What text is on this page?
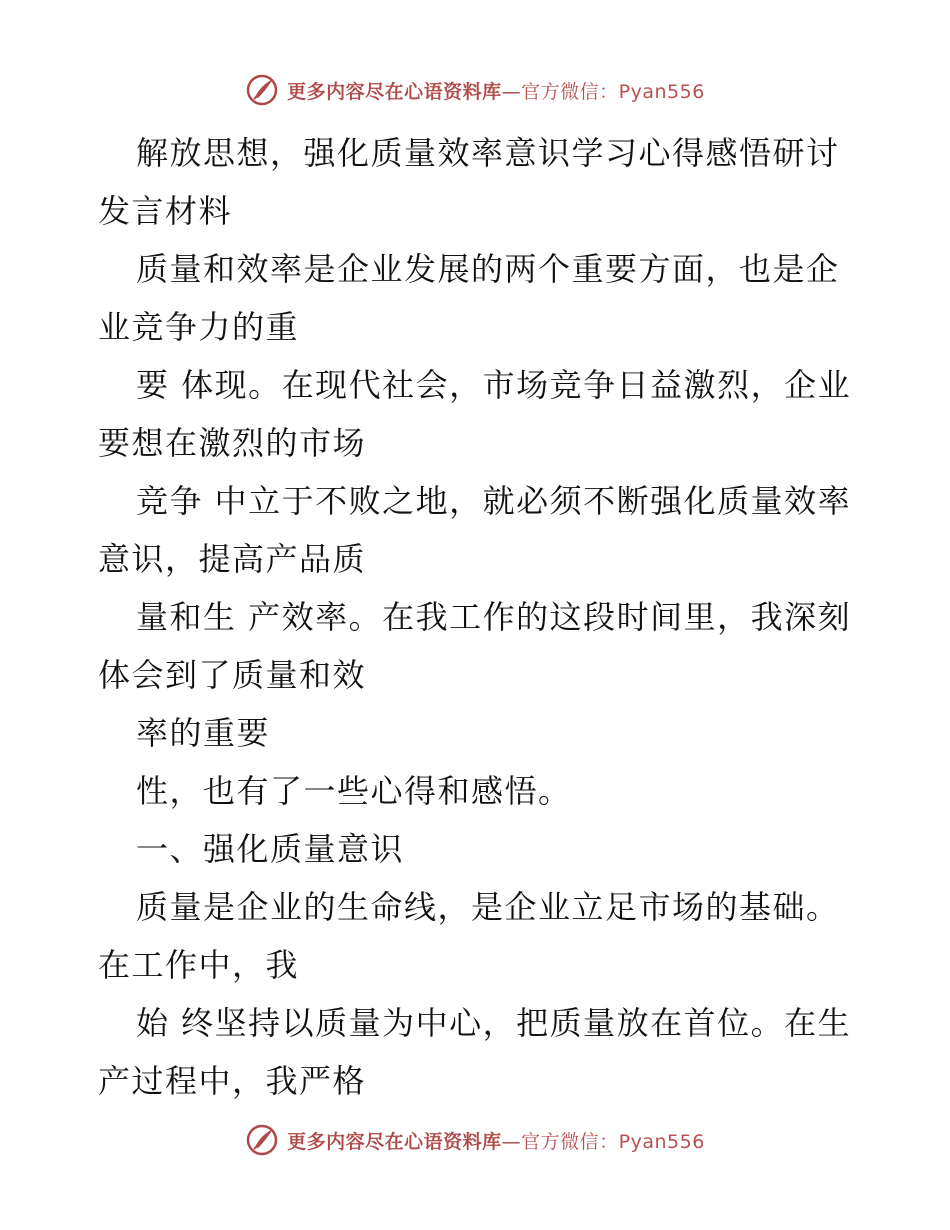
更多内容尽在心语资料库—官方微信：Pyan556

解放思想，强化质量效率意识学习心得感悟研讨发言材料

质量和效率是企业发展的两个重要方面，也是企业竞争力的重

要 体现。在现代社会，市场竞争日益激烈，企业要想在激烈的市场

竞争 中立于不败之地，就必须不断强化质量效率意识，提高产品质

量和生 产效率。在我工作的这段时间里，我深刻体会到了质量和效

率的重要

性，也有了一些心得和感悟。

一、强化质量意识

质量是企业的生命线，是企业立足市场的基础。在工作中，我

始 终坚持以质量为中心，把质量放在首位。在生产过程中，我严格

更多内容尽在心语资料库—官方微信：Pyan556
